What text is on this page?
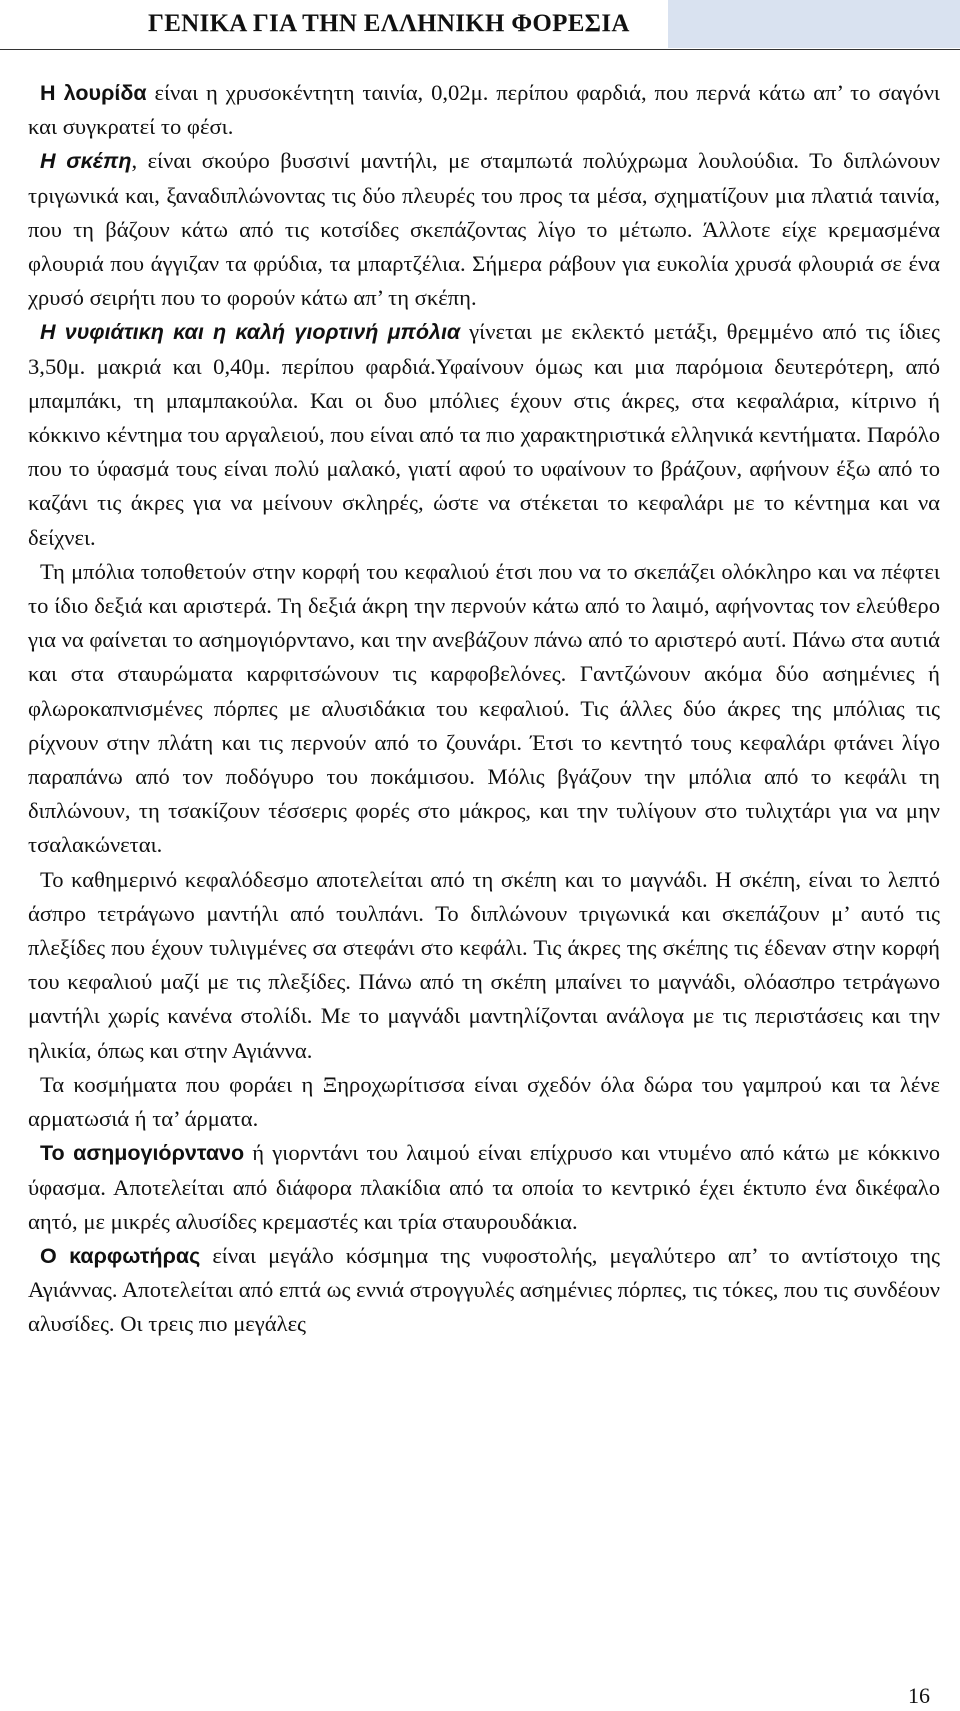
ΓΕΝΙΚΑ ΓΙΑ ΤΗΝ ΕΛΛΗΝΙΚΗ ΦΟΡΕΣΙΑ

Η λουρίδα είναι η χρυσοκέντητη ταινία, 0,02μ. περίπου φαρδιά, που περνά κάτω απ’ το σαγόνι και συγκρατεί το φέσι.

Η σκέπη, είναι σκούρο βυσσινί μαντήλι, με σταμπωτά πολύχρωμα λουλούδια. Το διπλώνουν τριγωνικά και, ξαναδιπλώνοντας τις δύο πλευρές του προς τα μέσα, σχηματίζουν μια πλατιά ταινία, που τη βάζουν κάτω από τις κοτσίδες σκεπάζοντας λίγο το μέτωπο. Άλλοτε είχε κρεμασμένα φλουριά που άγγιζαν τα φρύδια, τα μπαρτζέλια. Σήμερα ράβουν για ευκολία χρυσά φλουριά σε ένα χρυσό σειρήτι που το φορούν κάτω απ’ τη σκέπη.

Η νυφιάτικη και η καλή γιορτινή μπόλια γίνεται με εκλεκτό μετάξι, θρεμμένο από τις ίδιες 3,50μ. μακριά και 0,40μ. περίπου φαρδιά.Υφαίνουν όμως και μια παρόμοια δευτερότερη, από μπαμπάκι, τη μπαμπακούλα. Και οι δυο μπόλιες έχουν στις άκρες, στα κεφαλάρια, κίτρινο ή κόκκινο κέντημα του αργαλειού, που είναι από τα πιο χαρακτηριστικά ελληνικά κεντήματα. Παρόλο που το ύφασμά τους είναι πολύ μαλακό, γιατί αφού το υφαίνουν το βράζουν, αφήνουν έξω από το καζάνι τις άκρες για να μείνουν σκληρές, ώστε να στέκεται το κεφαλάρι με το κέντημα και να δείχνει.

Τη μπόλια τοποθετούν στην κορφή του κεφαλιού έτσι που να το σκεπάζει ολόκληρο και να πέφτει το ίδιο δεξιά και αριστερά. Τη δεξιά άκρη την περνούν κάτω από το λαιμό, αφήνοντας τον ελεύθερο για να φαίνεται το ασημογιόρντανο, και την ανεβάζουν πάνω από το αριστερό αυτί. Πάνω στα αυτιά και στα σταυρώματα καρφιτσώνουν τις καρφοβελόνες. Γαντζώνουν ακόμα δύο ασημένιες ή φλωροκαπνισμένες πόρπες με αλυσιδάκια του κεφαλιού. Τις άλλες δύο άκρες της μπόλιας τις ρίχνουν στην πλάτη και τις περνούν από το ζουνάρι. Έτσι το κεντητό τους κεφαλάρι φτάνει λίγο παραπάνω από τον ποδόγυρο του ποκάμισου. Μόλις βγάζουν την μπόλια από το κεφάλι τη διπλώνουν, τη τσακίζουν τέσσερις φορές στο μάκρος, και την τυλίγουν στο τυλιχτάρι για να μην τσαλακώνεται.

Το καθημερινό κεφαλόδεσμο αποτελείται από τη σκέπη και το μαγνάδι. Η σκέπη, είναι το λεπτό άσπρο τετράγωνο μαντήλι από τουλπάνι. Το διπλώνουν τριγωνικά και σκεπάζουν μ’ αυτό τις πλεξίδες που έχουν τυλιγμένες σα στεφάνι στο κεφάλι. Τις άκρες της σκέπης τις έδεναν στην κορφή του κεφαλιού μαζί με τις πλεξίδες. Πάνω από τη σκέπη μπαίνει το μαγνάδι, ολόασπρο τετράγωνο μαντήλι χωρίς κανένα στολίδι. Με το μαγνάδι μαντηλίζονται ανάλογα με τις περιστάσεις και την ηλικία, όπως και στην Αγιάννα.

Τα κοσμήματα που φοράει η Ξηροχωρίτισσα είναι σχεδόν όλα δώρα του γαμπρού και τα λένε αρματωσιά ή τα’ άρματα.

Το ασημογιόρντανο ή γιορντάνι του λαιμού είναι επίχρυσο και ντυμένο από κάτω με κόκκινο ύφασμα. Αποτελείται από διάφορα πλακίδια από τα οποία το κεντρικό έχει έκτυπο ένα δικέφαλο αητό, με μικρές αλυσίδες κρεμαστές και τρία σταυρουδάκια.

Ο καρφωτήρας είναι μεγάλο κόσμημα της νυφοστολής, μεγαλύτερο απ’ το αντίστοιχο της Αγιάννας. Αποτελείται από επτά ως εννιά στρογγυλές ασημένιες πόρπες, τις τόκες, που τις συνδέουν αλυσίδες. Οι τρεις πιο μεγάλες

16
